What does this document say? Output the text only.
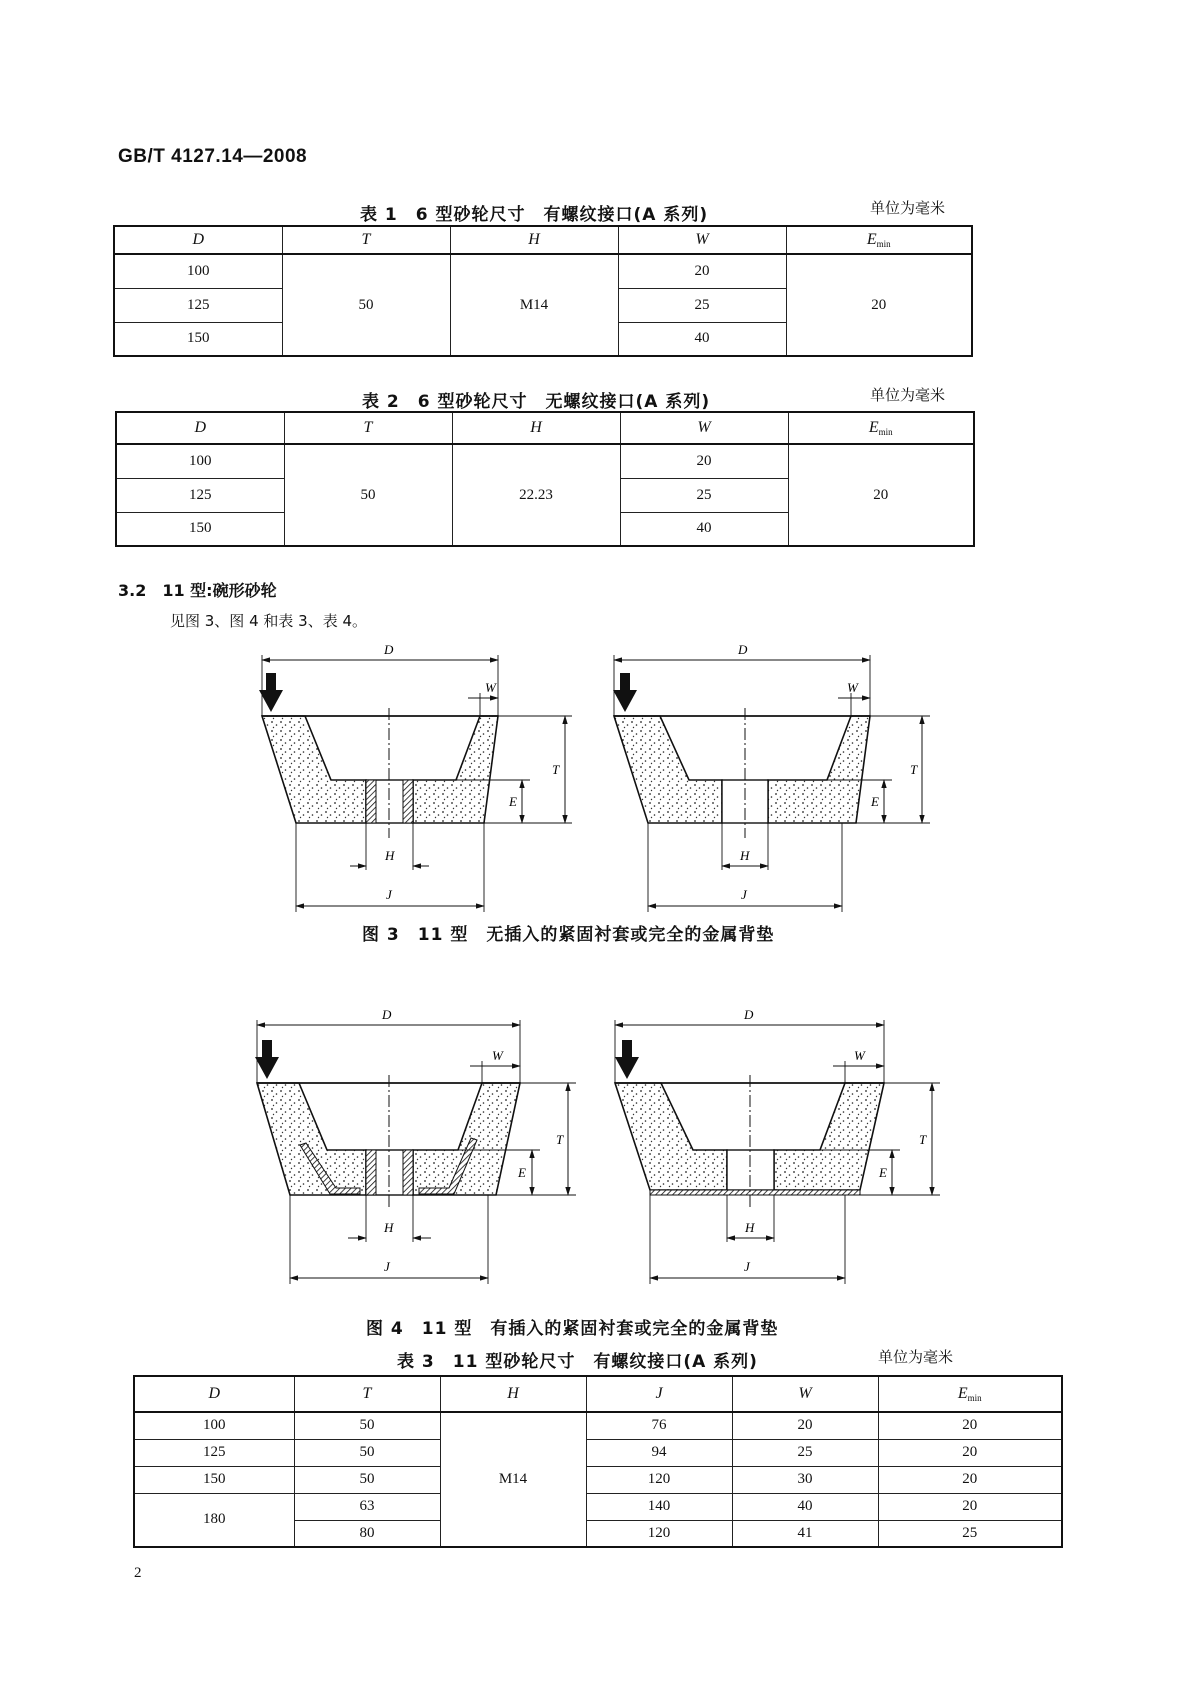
GB/T 4127.14—2008
表 1　6 型砂轮尺寸　有螺纹接口(A 系列)	单位为毫米
D	T	H	W	$E_{min}$
100	50	M14	20	20
125			25	
150			40	
表 2　6 型砂轮尺寸　无螺纹接口(A 系列)	单位为毫米
D	T	H	W	$E_{min}$
100	50	22.23	20	20
125			25	
150			40	
3.2　11 型:碗形砂轮
见图 3、图 4 和表 3、表 4。
D
W
T
E
H
J
D
W
T
E
H
J
D
W
T
E
H
J
D
W
T
E
H
J
图 3　11 型　无插入的紧固衬套或完全的金属背垫
图 4　11 型　有插入的紧固衬套或完全的金属背垫
表 3　11 型砂轮尺寸　有螺纹接口(A 系列)	单位为毫米
D	T	H	J	W	$E_{min}$
100	50	M14	76	20	20
125	50		94	25	20
150	50		120	30	20
180	63		140	40	20
	80		120	41	25
2
